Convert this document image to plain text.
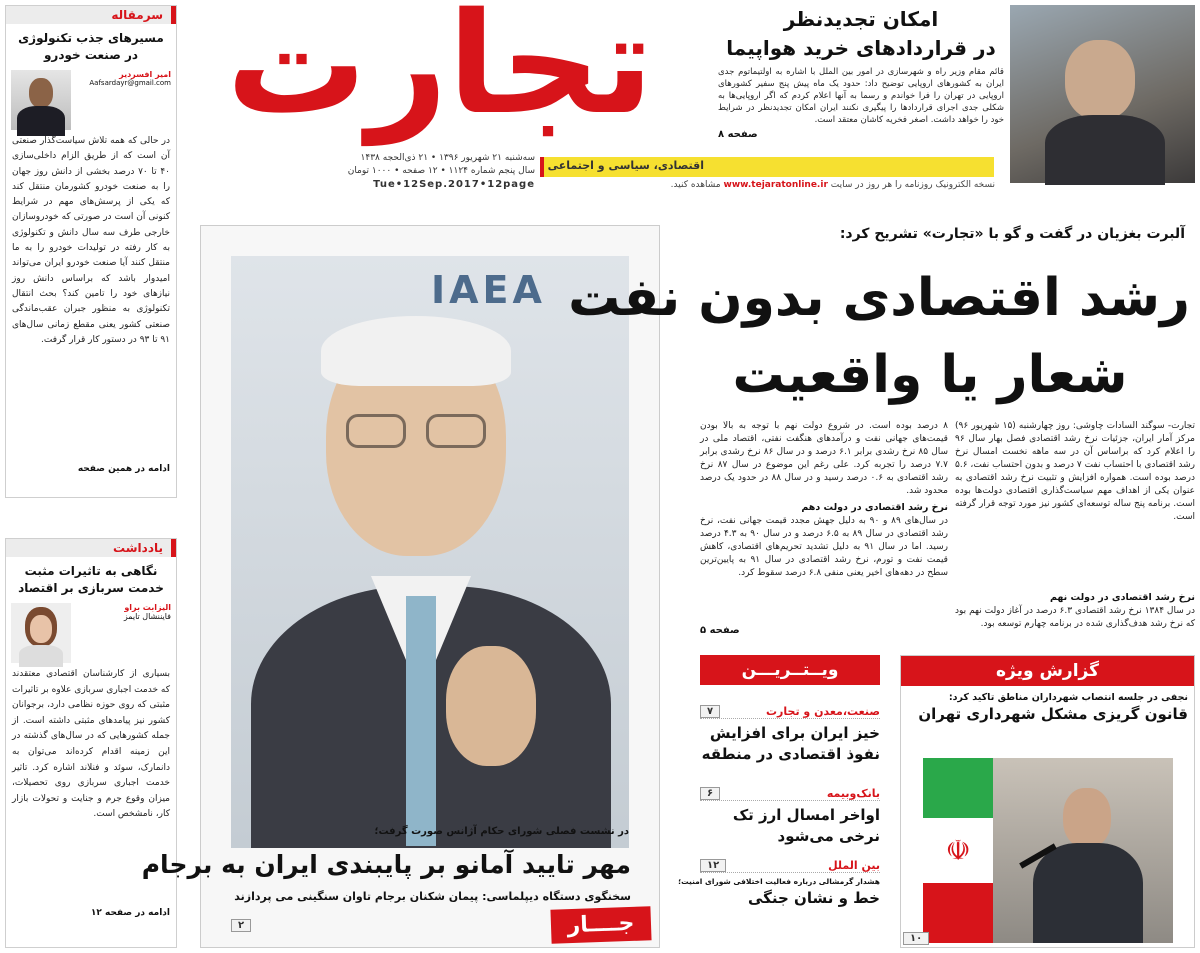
امکان تجدیدنظر
در قراردادهای خرید هواپیما
قائم مقام وزیر راه و شهرسازی در امور بین الملل با اشاره به اولتیماتوم جدی ایران به کشورهای اروپایی توضیح داد: حدود یک ماه پیش پنج سفیر کشورهای اروپایی در تهران را فرا خواندم و رسما به آنها اعلام کردم که اگر اروپایی‌ها به شکلی جدی اجرای قراردادها را پیگیری نکنند ایران امکان تجدیدنظر در شرایط خود را خواهد داشت. اصغر فخریه کاشان معتقد است.
صفحه ۸
تجارت
اقتصادی، سیاسی و اجتماعی
سه‌شنبه ۲۱ شهریور ۱۳۹۶ • ۲۱ ذی‌الحجه ۱۴۳۸
سال پنجم شماره ۱۱۲۴ • ۱۲ صفحه • ۱۰۰۰ تومان
Tue•12Sep.2017•12page	نسخه الکترونیک روزنامه را هر روز در سایت www.tejaratonline.ir مشاهده کنید.
سرمقاله
مسیرهای جذب تکنولوژی در صنعت خودرو
امیر افسردیر
Aafsardayr@gmail.com
در حالی که همه تلاش سیاست‌گذار صنعتی آن است که از طریق الزام داخلی‌سازی ۴۰ تا ۷۰ درصد بخشی از دانش روز جهان را به صنعت خودرو کشورمان منتقل کند که یکی از پرسش‌های مهم در شرایط کنونی آن است در صورتی که خودروسازان خارجی طرف سه سال دانش و تکنولوژی به کار رفته در تولیدات خودرو را به ما منتقل کنند آیا صنعت خودرو ایران می‌تواند امیدوار باشد که براساس دانش روز نیازهای خود را تامین کند؟ بحث انتقال تکنولوژی به منظور جبران عقب‌ماندگی صنعتی کشور یعنی مقطع زمانی سال‌های ۹۱ تا ۹۳ در دستور کار قرار گرفت.
ادامه در همین صفحه
یادداشت
نگاهی به تاثیرات مثبت خدمت سربازی بر اقتصاد
الیزابت براو
فایننشال تایمز
بسیاری از کارشناسان اقتصادی معتقدند که خدمت اجباری سربازی علاوه بر تاثیرات مثبتی که روی حوزه نظامی دارد، برجوانان کشور نیز پیامدهای مثبتی داشته است. از جمله کشورهایی که در سال‌های گذشته در این زمینه اقدام کرده‌اند می‌توان به دانمارک، سوئد و فنلاند اشاره کرد. تاثیر خدمت اجباری سربازی روی تحصیلات، میزان وقوع جرم و جنایت و تحولات بازار کار، نامشخص است.
ادامه در صفحه ۱۲
IAEA
در نشست فصلی شورای حکام آژانس صورت گرفت؛
مهر تایید آمانو بر پایبندی ایران به برجام
سخنگوی دستگاه دیپلماسی: پیمان شکنان برجام تاوان سنگینی می پردازند
۲	جــــار
آلبرت بغزیان در گفت و گو با «تجارت» تشریح کرد:
رشد اقتصادی بدون نفت
شعار یا واقعیت
تجارت- سوگند السادات چاوشی: روز چهارشنبه (۱۵ شهریور ۹۶) مرکز آمار ایران، جزئیات نرخ رشد اقتصادی فصل بهار سال ۹۶ را اعلام کرد که براساس آن در سه ماهه نخست امسال نرخ رشد اقتصادی با احتساب نفت ۷ درصد و بدون احتساب نفت، ۵.۶ درصد بوده است. همواره افزایش و تثبیت نرخ رشد اقتصادی به عنوان یکی از اهداف مهم سیاست‌گذاری اقتصادی دولت‌ها بوده است. برنامه پنج ساله توسعه‌ای کشور نیز مورد توجه قرار گرفته است.
نرخ رشد اقتصادی در دولت نهم
در سال ۱۳۸۴ نرخ رشد اقتصادی ۶.۳ درصد در آغاز دولت نهم بود که نرخ رشد هدف‌گذاری شده در برنامه چهارم توسعه بود.
۸ درصد بوده است. در شروع دولت نهم با توجه به بالا بودن قیمت‌های جهانی نفت و درآمدهای هنگفت نفتی، اقتصاد ملی در سال ۸۵ نرخ رشدی برابر ۶.۱ درصد و در سال ۸۶ نرخ رشدی برابر ۷.۷ درصد را تجربه کرد. علی رغم این موضوع در سال ۸۷ نرخ رشد اقتصادی به ۰.۶ درصد رسید و در سال ۸۸ در حدود یک درصد محدود شد.
نرخ رشد اقتصادی در دولت دهم
در سال‌های ۸۹ و ۹۰ به دلیل جهش مجدد قیمت جهانی نفت، نرخ رشد اقتصادی در سال ۸۹ به ۶.۵ درصد و در سال ۹۰ به ۴.۳ درصد رسید. اما در سال ۹۱ به دلیل تشدید تحریم‌های اقتصادی، کاهش قیمت نفت و تورم، نرخ رشد اقتصادی در سال ۹۱ به پایین‌ترین سطح در دهه‌های اخیر یعنی منفی ۶.۸ درصد سقوط کرد.
صفحه ۵
گزارش ویژه
نجفی در جلسه انتصاب شهرداران مناطق تاکید کرد:
قانون گریزی مشکل شهرداری تهران
☫
۱۰
ویــتــریـــن
صنعت،معدن و تجارت
۷
خیز ایران برای افزایش نفوذ اقتصادی در منطقه
بانک‌وبیمه
۶
اواخر امسال ارز تک نرخی می‌شود
بین الملل
۱۲
هشدار گرمشالی درباره فعالیت اختلافی شورای امنیت؛
خط و نشان جنگی
